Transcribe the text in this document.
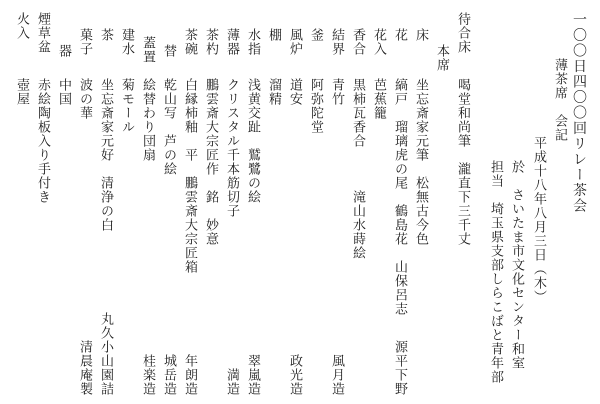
一〇〇日四〇〇回リレー茶会
薄茶席　会記
平成十八年八月三日（木）
於　さいたま市文化センター和室
担当　埼玉県支部しらこばと青年部
待合床
喝堂和尚筆　瀧直下三千丈
本席
床
坐忘斎家元筆　松無古今色
花
縞戸　瑠璃虎の尾　鶴島花　山保呂志
源平下野
花入
芭蕉籠
香合
黒柿瓦香合　　　滝山水蒔絵
結界
青竹
風月造
釜
阿弥陀堂
風炉
道安
政光造
棚
溜精
水指
浅黄交趾　鷲鷺の絵
翠嵐造
薄器
クリスタル千本筋切子
満造
茶杓
鵬雲斎大宗匠作　銘　妙意
茶碗
白縁柿釉　平　鵬雲斎大宗匠箱
年朗造
替
乾山写　芦の絵
城岳造
蓋置
絵替わり団扇
桂楽造
建水
菊モール
茶
坐忘斎家元好　清浄の白
丸久小山園詰
菓子
波の華
清晨庵製
器
中国
煙草盆
赤絵陶板入り手付き
火入
壺屋
